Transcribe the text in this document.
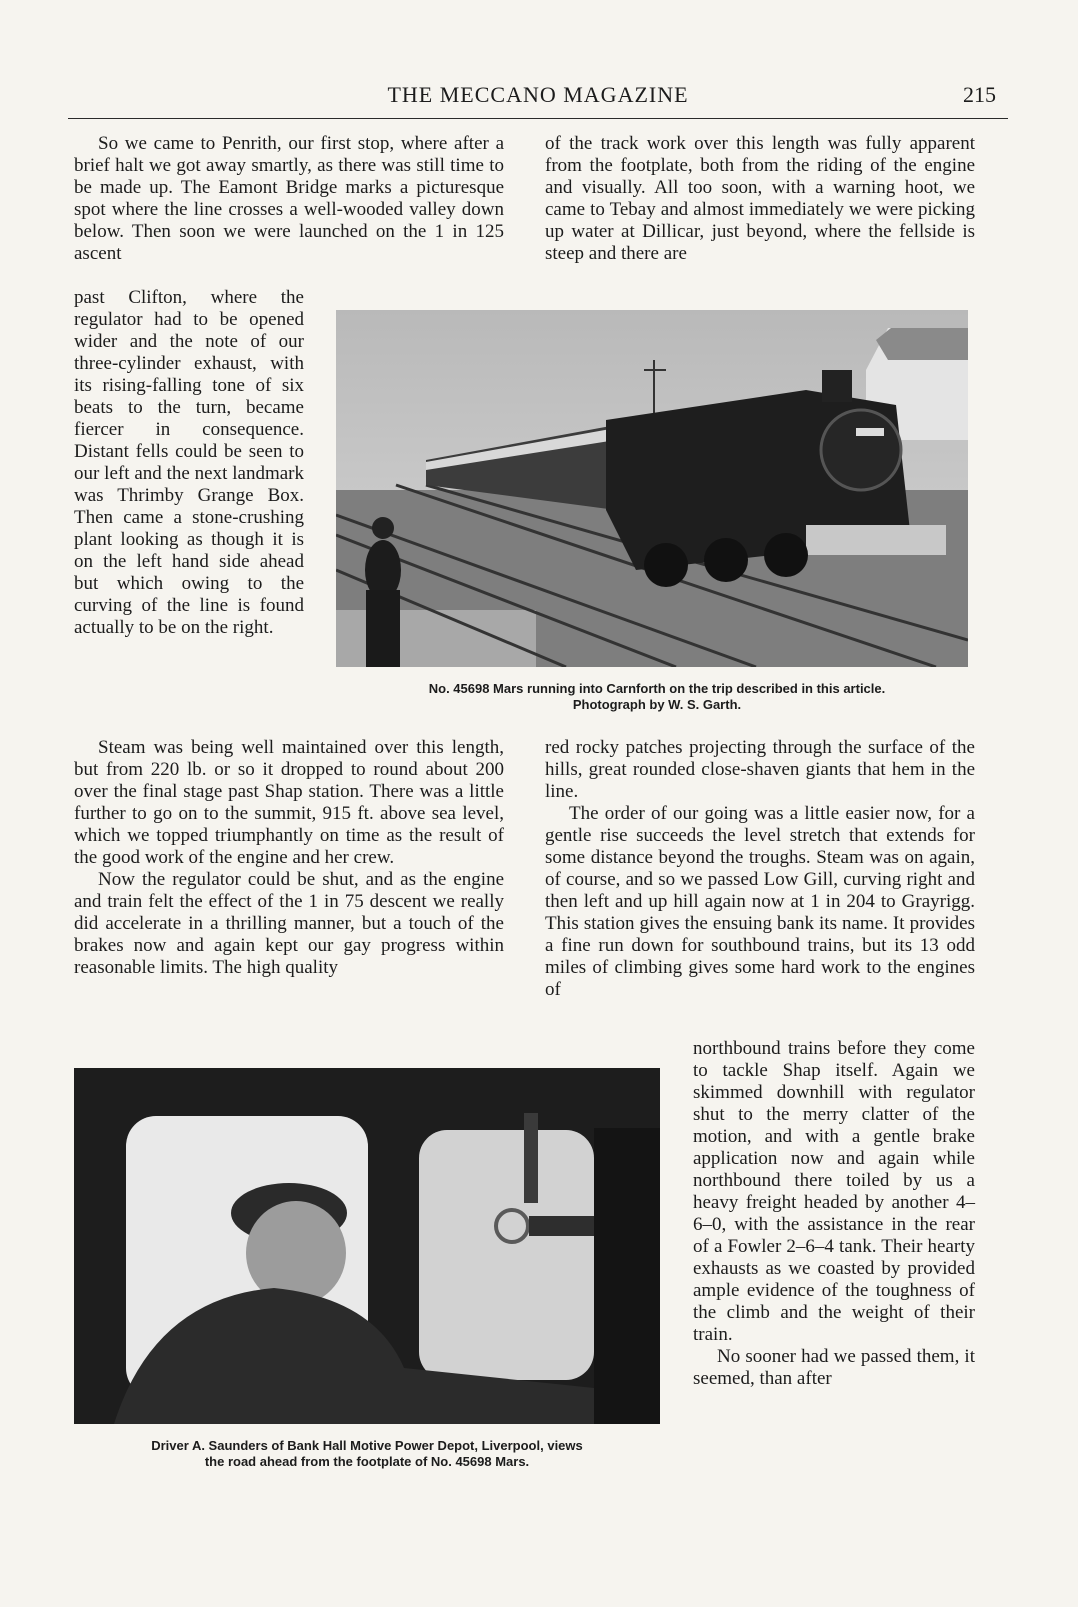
THE MECCANO MAGAZINE	215

So we came to Penrith, our first stop, where after a brief halt we got away smartly, as there was still time to be made up. The Eamont Bridge marks a picturesque spot where the line crosses a well-wooded valley down below. Then soon we were launched on the 1 in 125 ascent

past Clifton, where the regulator had to be opened wider and the note of our three-cylinder exhaust, with its rising-falling tone of six beats to the turn, became fiercer in consequence. Distant fells could be seen to our left and the next landmark was Thrimby Grange Box. Then came a stone-crushing plant looking as though it is on the left hand side ahead but which owing to the curving of the line is found actually to be on the right.

of the track work over this length was fully apparent from the footplate, both from the riding of the engine and visually. All too soon, with a warning hoot, we came to Tebay and almost immediately we were picking up water at Dillicar, just beyond, where the fellside is steep and there are

No. 45698 Mars running into Carnforth on the trip described in this article.
Photograph by W. S. Garth.

Steam was being well maintained over this length, but from 220 lb. or so it dropped to round about 200 over the final stage past Shap station. There was a little further to go on to the summit, 915 ft. above sea level, which we topped triumphantly on time as the result of the good work of the engine and her crew.

Now the regulator could be shut, and as the engine and train felt the effect of the 1 in 75 descent we really did accelerate in a thrilling manner, but a touch of the brakes now and again kept our gay progress within reasonable limits. The high quality

red rocky patches projecting through the surface of the hills, great rounded close-shaven giants that hem in the line.

The order of our going was a little easier now, for a gentle rise succeeds the level stretch that extends for some distance beyond the troughs. Steam was on again, of course, and so we passed Low Gill, curving right and then left and up hill again now at 1 in 204 to Grayrigg. This station gives the ensuing bank its name. It provides a fine run down for southbound trains, but its 13 odd miles of climbing gives some hard work to the engines of

Driver A. Saunders of Bank Hall Motive Power Depot, Liverpool, views
the road ahead from the footplate of No. 45698 Mars.

northbound trains before they come to tackle Shap itself. Again we skimmed downhill with regulator shut to the merry clatter of the motion, and with a gentle brake application now and again while northbound there toiled by us a heavy freight headed by another 4–6–0, with the assistance in the rear of a Fowler 2–6–4 tank. Their hearty exhausts as we coasted by provided ample evidence of the toughness of the climb and the weight of their train.

No sooner had we passed them, it seemed, than after
